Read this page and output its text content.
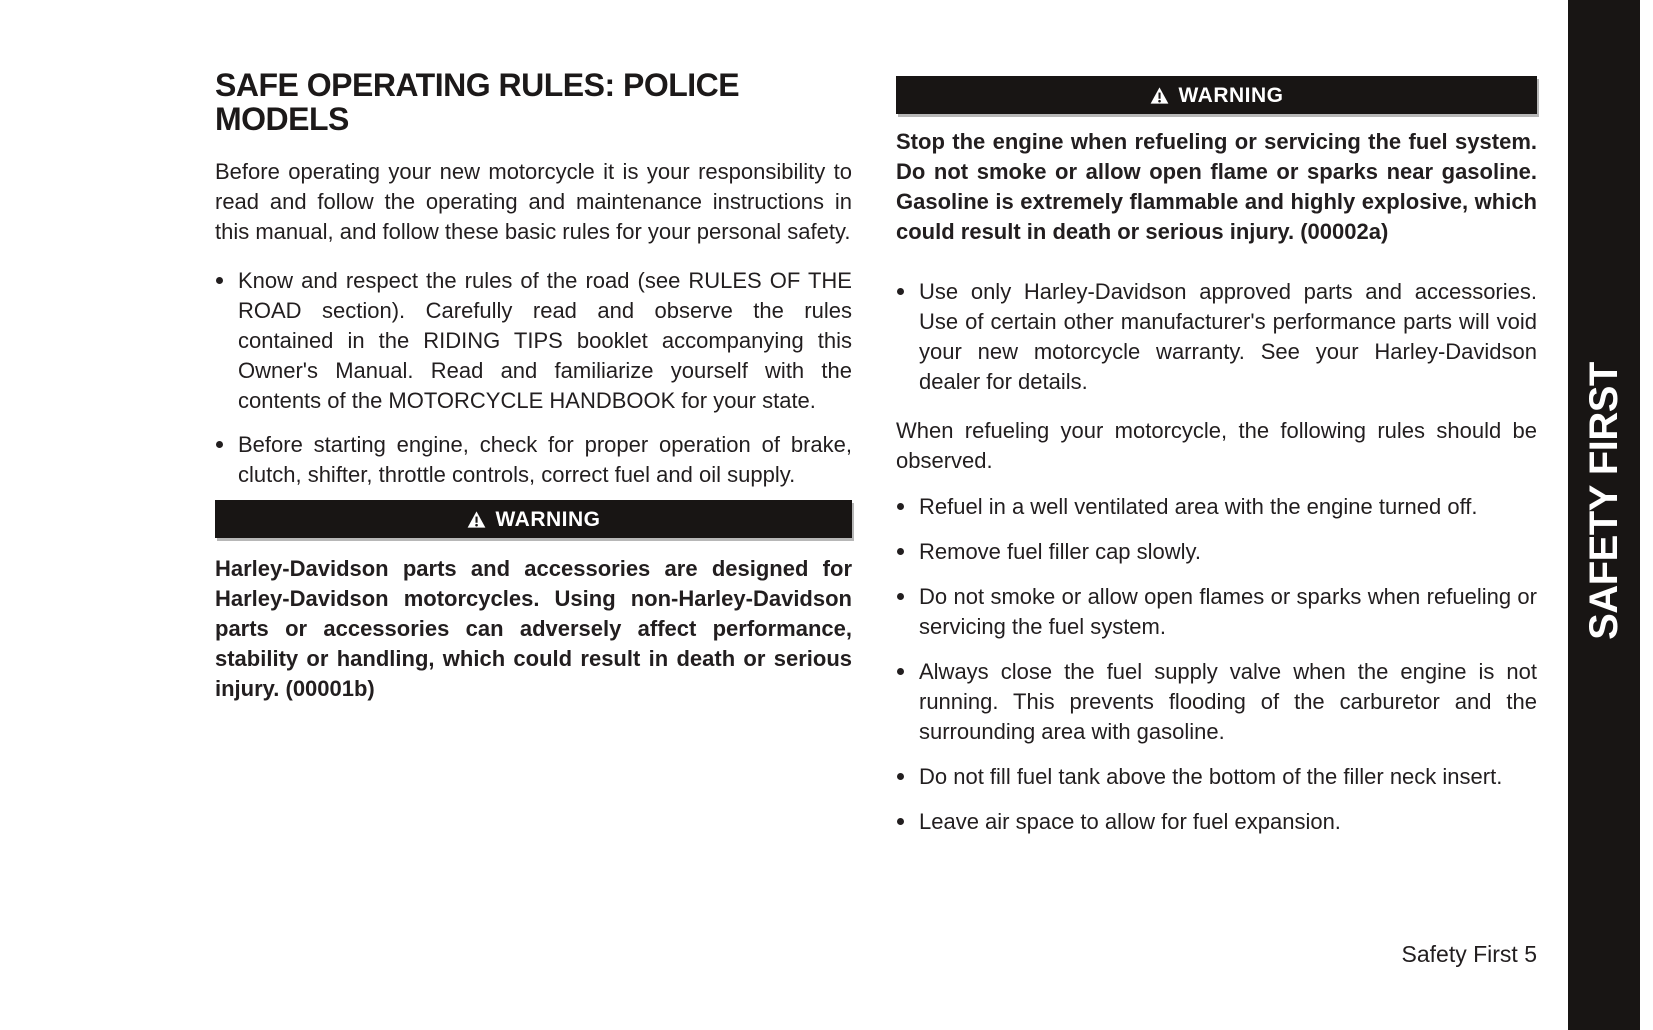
SAFE OPERATING RULES: POLICE MODELS

Before operating your new motorcycle it is your responsibility to read and follow the operating and maintenance instructions in this manual, and follow these basic rules for your personal safety.

Know and respect the rules of the road (see RULES OF THE ROAD section). Carefully read and observe the rules contained in the RIDING TIPS booklet accompanying this Owner's Manual. Read and familiarize yourself with the contents of the MOTORCYCLE HANDBOOK for your state.
Before starting engine, check for proper operation of brake, clutch, shifter, throttle controls, correct fuel and oil supply.
WARNING

Harley-Davidson parts and accessories are designed for Harley-Davidson motorcycles. Using non-Harley-Davidson parts or accessories can adversely affect performance, stability or handling, which could result in death or serious injury. (00001b)

WARNING

Stop the engine when refueling or servicing the fuel system. Do not smoke or allow open flame or sparks near gasoline. Gasoline is extremely flammable and highly explosive, which could result in death or serious injury. (00002a)

Use only Harley-Davidson approved parts and accessories. Use of certain other manufacturer's performance parts will void your new motorcycle warranty. See your Harley-Davidson dealer for details.

When refueling your motorcycle, the following rules should be observed.

Refuel in a well ventilated area with the engine turned off.
Remove fuel filler cap slowly.
Do not smoke or allow open flames or sparks when refueling or servicing the fuel system.
Always close the fuel supply valve when the engine is not running. This prevents flooding of the carburetor and the surrounding area with gasoline.
Do not fill fuel tank above the bottom of the filler neck insert.
Leave air space to allow for fuel expansion.
Safety First 5
SAFETY FIRST
